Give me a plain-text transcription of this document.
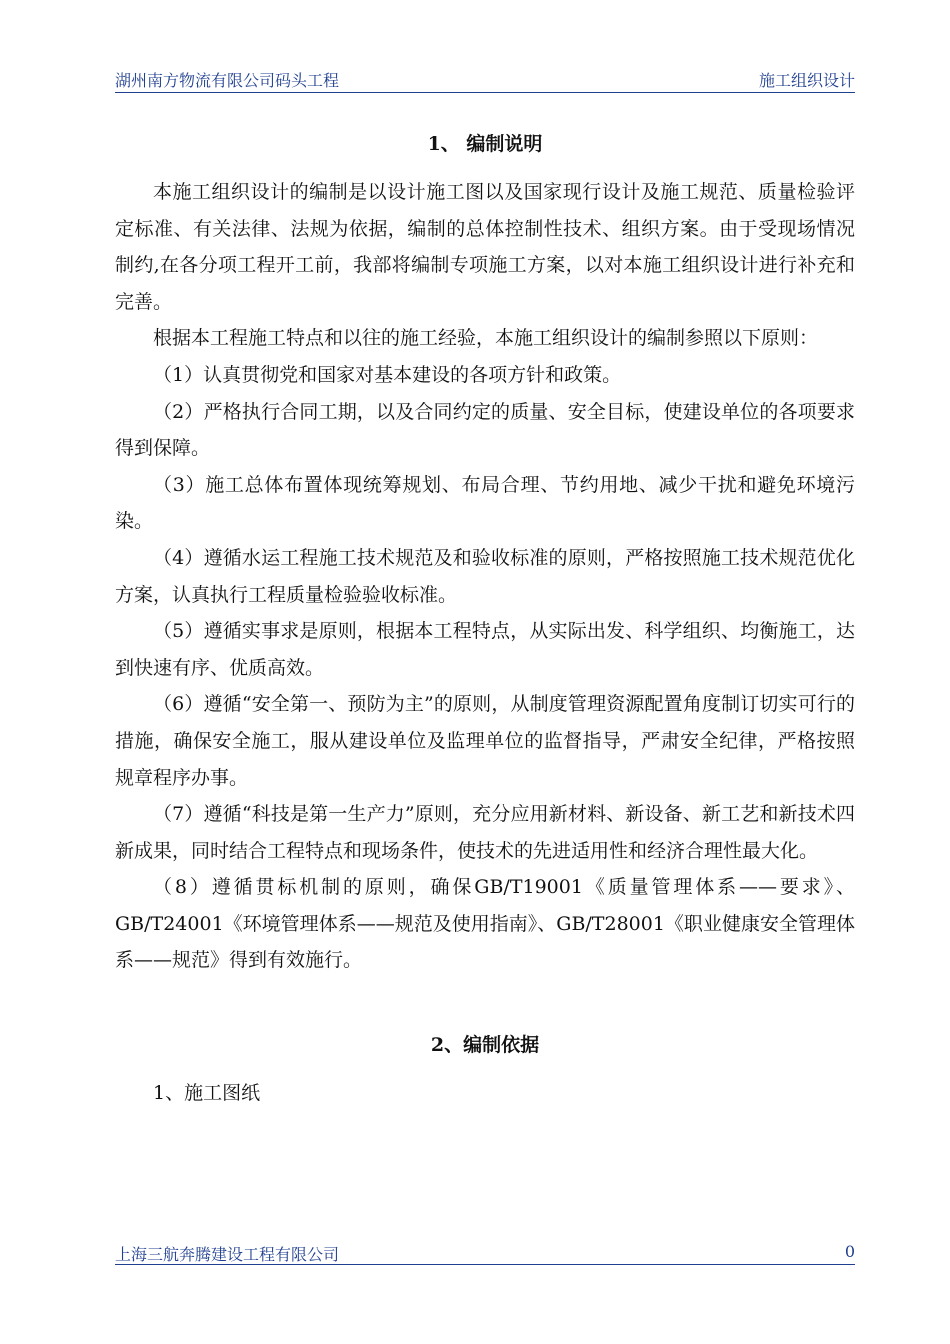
湖州南方物流有限公司码头工程	施工组织设计
1、 编制说明

本施工组织设计的编制是以设计施工图以及国家现行设计及施工规范、质量检验评定标准、有关法律、法规为依据，编制的总体控制性技术、组织方案。由于受现场情况制约,在各分项工程开工前，我部将编制专项施工方案，以对本施工组织设计进行补充和完善。

根据本工程施工特点和以往的施工经验，本施工组织设计的编制参照以下原则：

（1）认真贯彻党和国家对基本建设的各项方针和政策。

（2）严格执行合同工期，以及合同约定的质量、安全目标，使建设单位的各项要求得到保障。

（3）施工总体布置体现统筹规划、布局合理、节约用地、减少干扰和避免环境污染。

（4）遵循水运工程施工技术规范及和验收标准的原则，严格按照施工技术规范优化方案，认真执行工程质量检验验收标准。

（5）遵循实事求是原则，根据本工程特点，从实际出发、科学组织、均衡施工，达到快速有序、优质高效。

（6）遵循“安全第一、预防为主”的原则，从制度管理资源配置角度制订切实可行的措施，确保安全施工，服从建设单位及监理单位的监督指导，严肃安全纪律，严格按照规章程序办事。

（7）遵循“科技是第一生产力”原则，充分应用新材料、新设备、新工艺和新技术四新成果，同时结合工程特点和现场条件，使技术的先进适用性和经济合理性最大化。

（8）遵循贯标机制的原则，确保GB/T19001《质量管理体系——要求》、GB/T24001《环境管理体系——规范及使用指南》、GB/T28001《职业健康安全管理体系——规范》得到有效施行。

2、编制依据

1、施工图纸

上海三航奔腾建设工程有限公司	0
